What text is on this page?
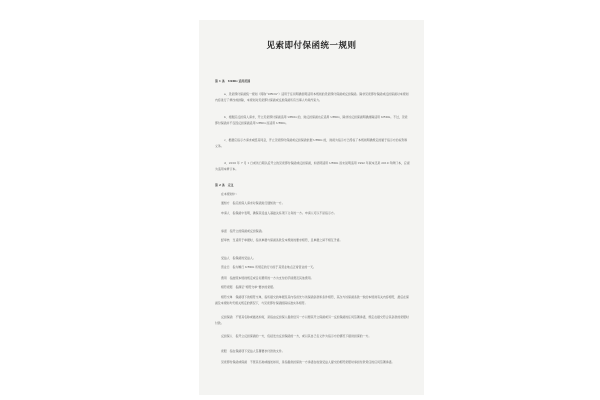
见索即付保函统一规则

第 1 条　URDG 适用范围

a．见索即付保函统一规则（简称“URDG”）适用于任何明确表明适用本规则的见索即付保函或反担保函。除非见索即付保函或反担保函对本规则内容进行了修改或排除，本规则对见索即付保函或反担保函所有当事人均具约束力。

b．根据应反担保人请求，开立见索即付保函适用 URDG 的，则反担保函也应适用 URDG，除非该反担保函明确排除适用 URDG。不过，见索即付保函并不仅因反担保函适用 URDG 而适用 URDG。

c．根据应指示方请求或经其同意，开立见索即付保函或反担保函依据 URDG 的，则视为指示方已授权了本规则明确规定的属于指示方的权利和义务。

d．2010 年 7 月 1 日或该日期以后开立的见索即付保函或反担保函，如表明适用 URDG 而未说明适用 1992 年版本还是 2010 年修订本，应视为适用本修订本。

第 2 条　定义

在本规则中：

通知方　指应担保人请求对保函进行通知的一方。

申请人　指保函中表明，确保其受益人基础关系项下义务的一方。申请人可以不是指示方。

承诺　指开立的保函或反担保函。

经审核　当适用于单据时，指该单据与保函条款及本规则的要求相符，且单据之间不相互矛盾。

受益人　指保函的受益人。

营业日　指为履行 URDG 所规定的行为而于其营业地点正常营业的一天。

费用　指按照本规则规定或任何费用的一方为支付的手续费及其他费用。

相符索赔　指满足“相符交单”要求的索赔。

相符交单　保函项下的相符交单，指所提交的单据及其内容首先与该保函条款和条件相符，其次与该保函条款一致的本规则有关内容相符，最后在保函及本规则均无相关规定的情况下，与见索即付保函国际标准实务相符。

反担保函　不管其名称或描述如何，是指由反担保人提供给另一方以便其开立保函或另一反担保函的任何签署承诺，规定在提交符合其条款的索赔时付款。

反担保人　指开立反担保函的一方，包括发出反担保函的一方，或以其自己名义作为指示方的情况下提供担保的一方。

索赔　指在保函项下受益人签署要求付款的文件。

见索即付保函或保函　不管其名称或描述如何，是指提供担保的一方承诺在收到受益人提交的相符索赔时承担付款责任的任何签署承诺。
